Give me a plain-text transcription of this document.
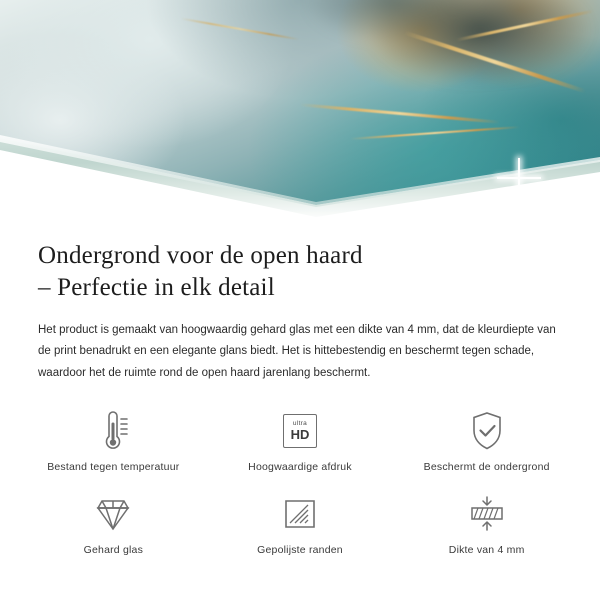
Ondergrond voor de open haard
– Perfectie in elk detail

Het product is gemaakt van hoogwaardig gehard glas met een dikte van 4 mm, dat de kleurdiepte van de print benadrukt en een elegante glans biedt. Het is hittebestendig en beschermt tegen schade, waardoor het de ruimte rond de open haard jarenlang beschermt.

Bestand tegen temperatuur
ultra
HD
Hoogwaardige afdruk	Beschermt de ondergrond
Gehard glas	Gepolijste randen	Dikte van 4 mm
